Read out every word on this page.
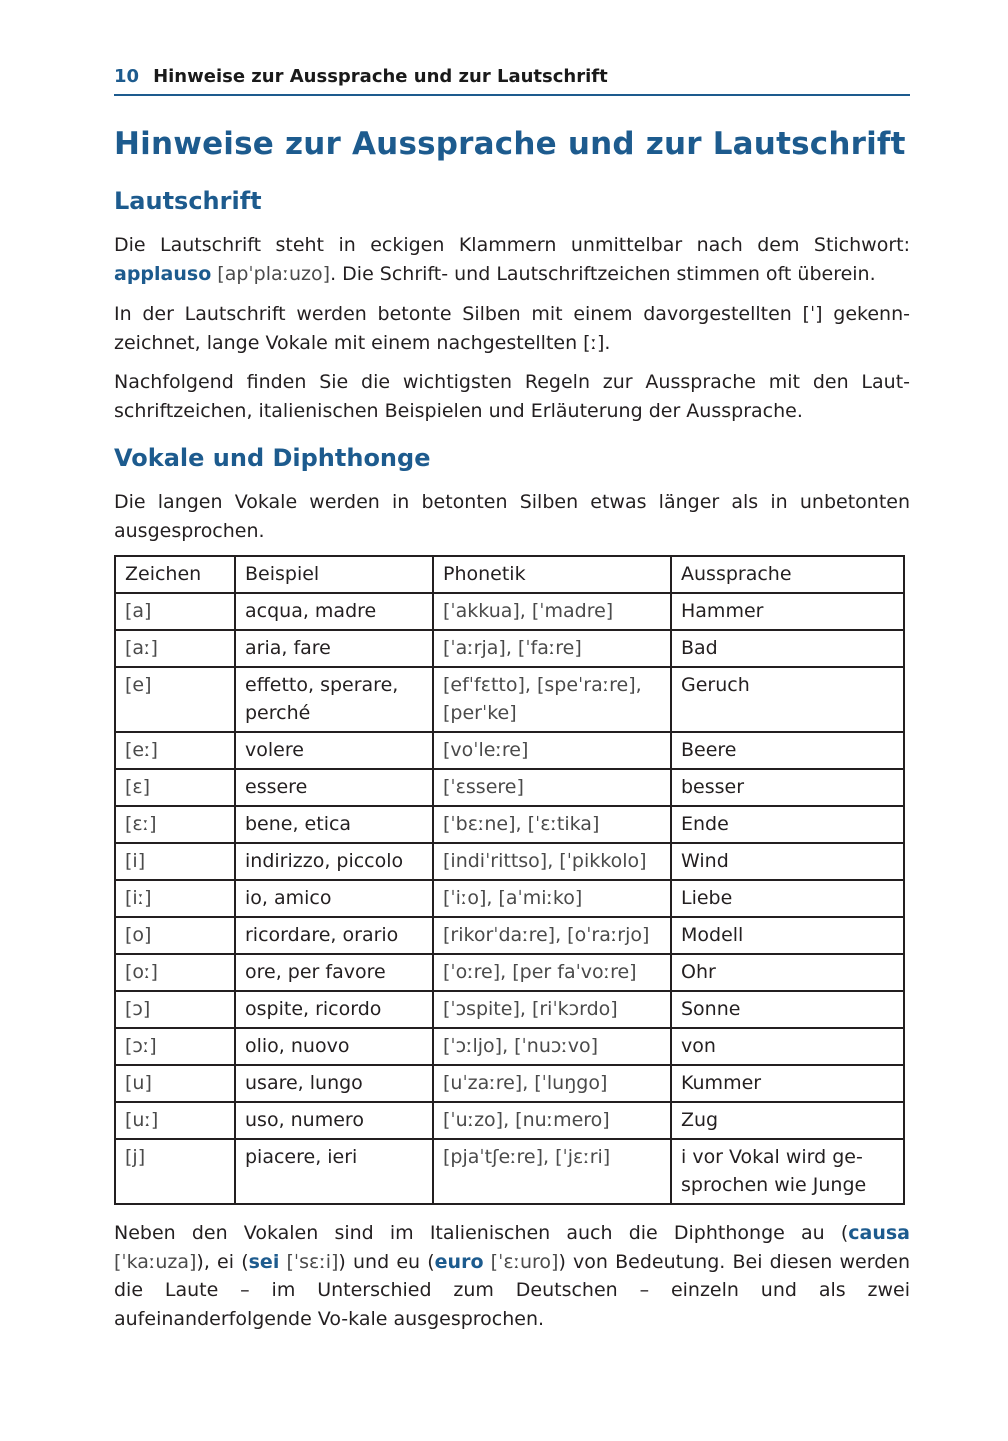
10 Hinweise zur Aussprache und zur Lautschrift
Hinweise zur Aussprache und zur Lautschrift
Lautschrift

Die Lautschrift steht in eckigen Klammern unmittelbar nach dem Stichwort: applauso [apˈplaːuzo]. Die Schrift- und Lautschriftzeichen stimmen oft überein.

In der Lautschrift werden betonte Silben mit einem davorgestellten [ˈ] gekenn-zeichnet, lange Vokale mit einem nachgestellten [ː].

Nachfolgend finden Sie die wichtigsten Regeln zur Aussprache mit den Laut-schriftzeichen, italienischen Beispielen und Erläuterung der Aussprache.

Vokale und Diphthonge

Die langen Vokale werden in betonten Silben etwas länger als in unbetonten ausgesprochen.

Zeichen	Beispiel	Phonetik	Aussprache
[a]	acqua, madre	[ˈakkua], [ˈmadre]	Hammer
[aː]	aria, fare	[ˈaːrja], [ˈfaːre]	Bad
[e]	effetto, sperare, perché	[efˈfɛtto], [speˈraːre], [perˈke]	Geruch
[eː]	volere	[voˈleːre]	Beere
[ɛ]	essere	[ˈɛssere]	besser
[ɛː]	bene, etica	[ˈbɛːne], [ˈɛːtika]	Ende
[i]	indirizzo, piccolo	[indiˈrittso], [ˈpikkolo]	Wind
[iː]	io, amico	[ˈiːo], [aˈmiːko]	Liebe
[o]	ricordare, orario	[rikorˈdaːre], [oˈraːrjo]	Modell
[oː]	ore, per favore	[ˈoːre], [per faˈvoːre]	Ohr
[ɔ]	ospite, ricordo	[ˈɔspite], [riˈkɔrdo]	Sonne
[ɔː]	olio, nuovo	[ˈɔːljo], [ˈnuɔːvo]	von
[u]	usare, lungo	[uˈzaːre], [ˈluŋgo]	Kummer
[uː]	uso, numero	[ˈuːzo], [nuːmero]	Zug
[j]	piacere, ieri	[pjaˈtʃeːre], [ˈjɛːri]	i vor Vokal wird ge-sprochen wie Junge

Neben den Vokalen sind im Italienischen auch die Diphthonge au (causa [ˈkaːuza]), ei (sei [ˈsɛːi]) und eu (euro [ˈɛːuro]) von Bedeutung. Bei diesen werden die Laute – im Unterschied zum Deutschen – einzeln und als zwei aufeinanderfolgende Vo-kale ausgesprochen.
